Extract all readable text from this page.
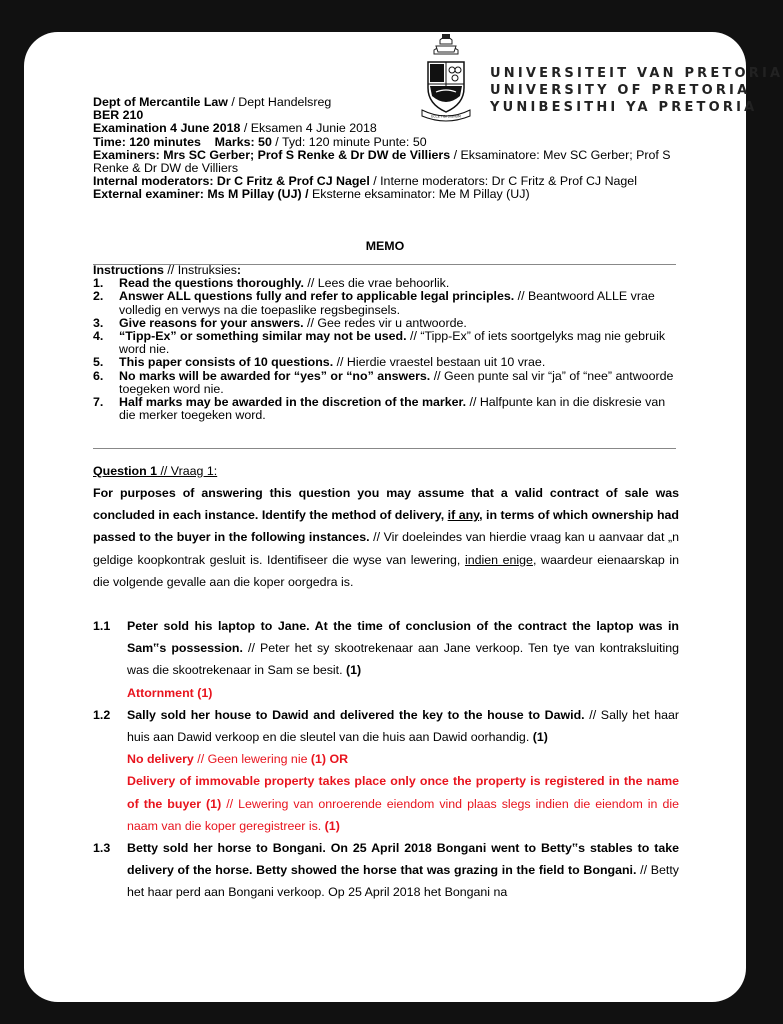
ECCE TIBI SIGNUM
UNIVERSITEIT VAN PRETORIA
UNIVERSITY OF PRETORIA
YUNIBESITHI YA PRETORIA
Dept of Mercantile Law / Dept Handelsreg
BER 210
Examination 4 June 2018 / Eksamen 4 Junie 2018
Time: 120 minutes Marks: 50 / Tyd: 120 minute Punte: 50
Examiners: Mrs SC Gerber; Prof S Renke & Dr DW de Villiers / Eksaminatore: Mev SC Gerber; Prof S Renke & Dr DW de Villiers
Internal moderators: Dr C Fritz & Prof CJ Nagel / Interne moderators: Dr C Fritz & Prof CJ Nagel
External examiner: Ms M Pillay (UJ) / Eksterne eksaminator: Me M Pillay (UJ)
MEMO
Instructions // Instruksies:
1.	Read the questions thoroughly. // Lees die vrae behoorlik.
2.	Answer ALL questions fully and refer to applicable legal principles. // Beantwoord ALLE vrae volledig en verwys na die toepaslike regsbeginsels.
3.	Give reasons for your answers. // Gee redes vir u antwoorde.
4.	“Tipp-Ex” or something similar may not be used. // “Tipp-Ex” of iets soortgelyks mag nie gebruik word nie.
5.	This paper consists of 10 questions. // Hierdie vraestel bestaan uit 10 vrae.
6.	No marks will be awarded for “yes” or “no” answers. // Geen punte sal vir “ja” of “nee” antwoorde toegeken word nie.
7.	Half marks may be awarded in the discretion of the marker. // Halfpunte kan in die diskresie van die merker toegeken word.
Question 1 // Vraag 1:

For purposes of answering this question you may assume that a valid contract of sale was concluded in each instance. Identify the method of delivery, if any, in terms of which ownership had passed to the buyer in the following instances. // Vir doeleindes van hierdie vraag kan u aanvaar dat „n geldige koopkontrak gesluit is. Identifiseer die wyse van lewering, indien enige, waardeur eienaarskap in die volgende gevalle aan die koper oorgedra is.

1.1	Peter sold his laptop to Jane. At the time of conclusion of the contract the laptop was in Sam‟s possession. // Peter het sy skootrekenaar aan Jane verkoop. Ten tye van kontraksluiting was die skootrekenaar in Sam se besit. (1)
Attornment (1)
1.2	Sally sold her house to Dawid and delivered the key to the house to Dawid. // Sally het haar huis aan Dawid verkoop en die sleutel van die huis aan Dawid oorhandig. (1)
No delivery // Geen lewering nie (1) OR
Delivery of immovable property takes place only once the property is registered in the name of the buyer (1) // Lewering van onroerende eiendom vind plaas slegs indien die eiendom in die naam van die koper geregistreer is. (1)
1.3	Betty sold her horse to Bongani. On 25 April 2018 Bongani went to Betty‟s stables to take delivery of the horse. Betty showed the horse that was grazing in the field to Bongani. // Betty het haar perd aan Bongani verkoop. Op 25 April 2018 het Bongani na
